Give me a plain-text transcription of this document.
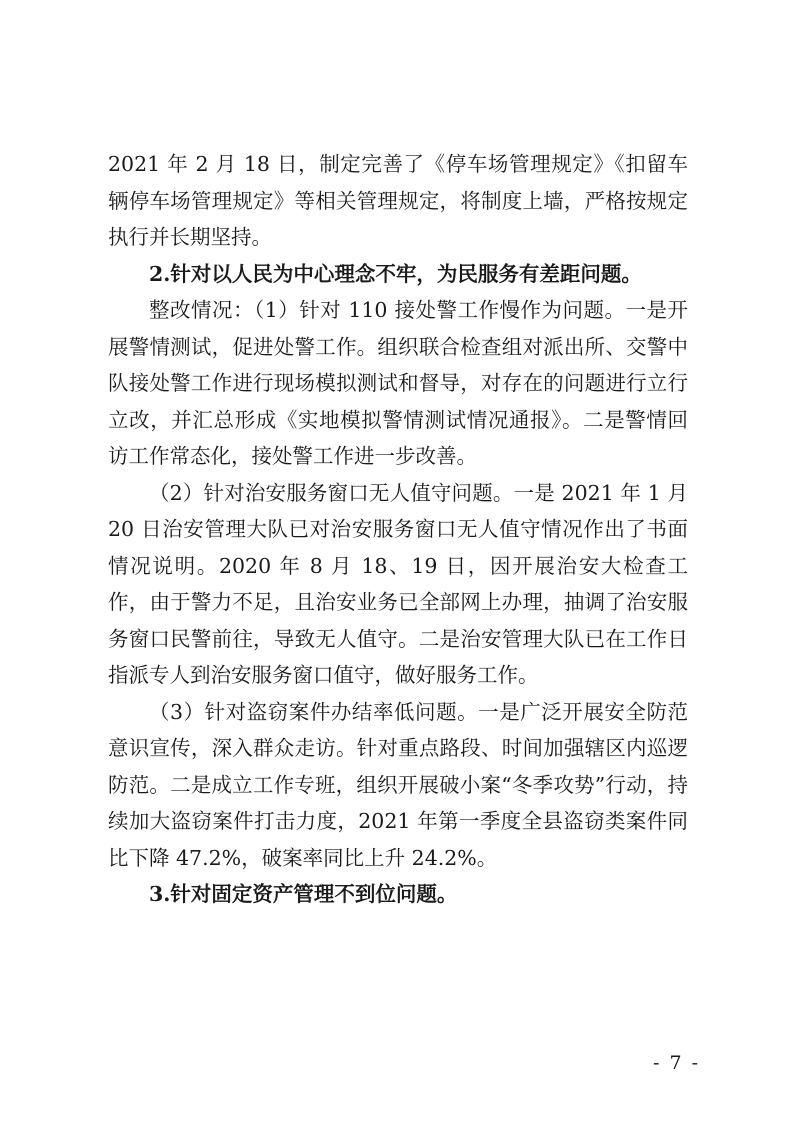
2021 年 2 月 18 日，制定完善了《停车场管理规定》《扣留车辆停车场管理规定》等相关管理规定，将制度上墙，严格按规定执行并长期坚持。

2.针对以人民为中心理念不牢，为民服务有差距问题。

整改情况：（1）针对 110 接处警工作慢作为问题。一是开展警情测试，促进处警工作。组织联合检查组对派出所、交警中队接处警工作进行现场模拟测试和督导，对存在的问题进行立行立改，并汇总形成《实地模拟警情测试情况通报》。二是警情回访工作常态化，接处警工作进一步改善。

（2）针对治安服务窗口无人值守问题。一是 2021 年 1 月 20 日治安管理大队已对治安服务窗口无人值守情况作出了书面情况说明。2020 年 8 月 18、19 日，因开展治安大检查工作，由于警力不足，且治安业务已全部网上办理，抽调了治安服务窗口民警前往，导致无人值守。二是治安管理大队已在工作日指派专人到治安服务窗口值守，做好服务工作。

（3）针对盗窃案件办结率低问题。一是广泛开展安全防范意识宣传，深入群众走访。针对重点路段、时间加强辖区内巡逻防范。二是成立工作专班，组织开展破小案“冬季攻势”行动，持续加大盗窃案件打击力度，2021 年第一季度全县盗窃类案件同比下降 47.2%，破案率同比上升 24.2%。

3.针对固定资产管理不到位问题。

- 7 -
